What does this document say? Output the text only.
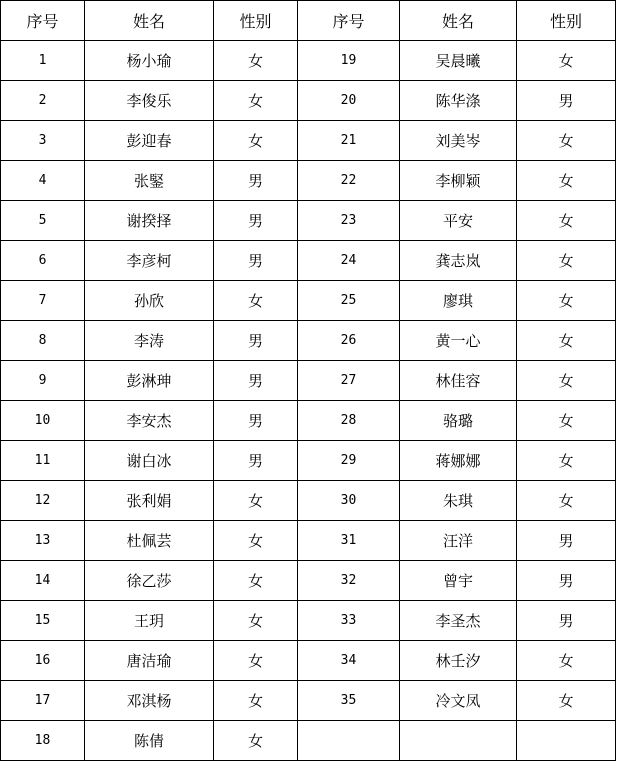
序号	姓名	性别	序号	姓名	性别
1	杨小瑜	女	19	吴晨曦	女
2	李俊乐	女	20	陈华涤	男
3	彭迎春	女	21	刘美岑	女
4	张鋻	男	22	李柳颖	女
5	谢揆择	男	23	平安	女
6	李彦柯	男	24	龚志岚	女
7	孙欣	女	25	廖琪	女
8	李涛	男	26	黄一心	女
9	彭淋珅	男	27	林佳容	女
10	李安杰	男	28	骆璐	女
11	谢白冰	男	29	蒋娜娜	女
12	张利娟	女	30	朱琪	女
13	杜佩芸	女	31	汪洋	男
14	徐乙莎	女	32	曾宇	男
15	王玥	女	33	李圣杰	男
16	唐洁瑜	女	34	林壬汐	女
17	邓淇杨	女	35	冷文凤	女
18	陈倩	女			
